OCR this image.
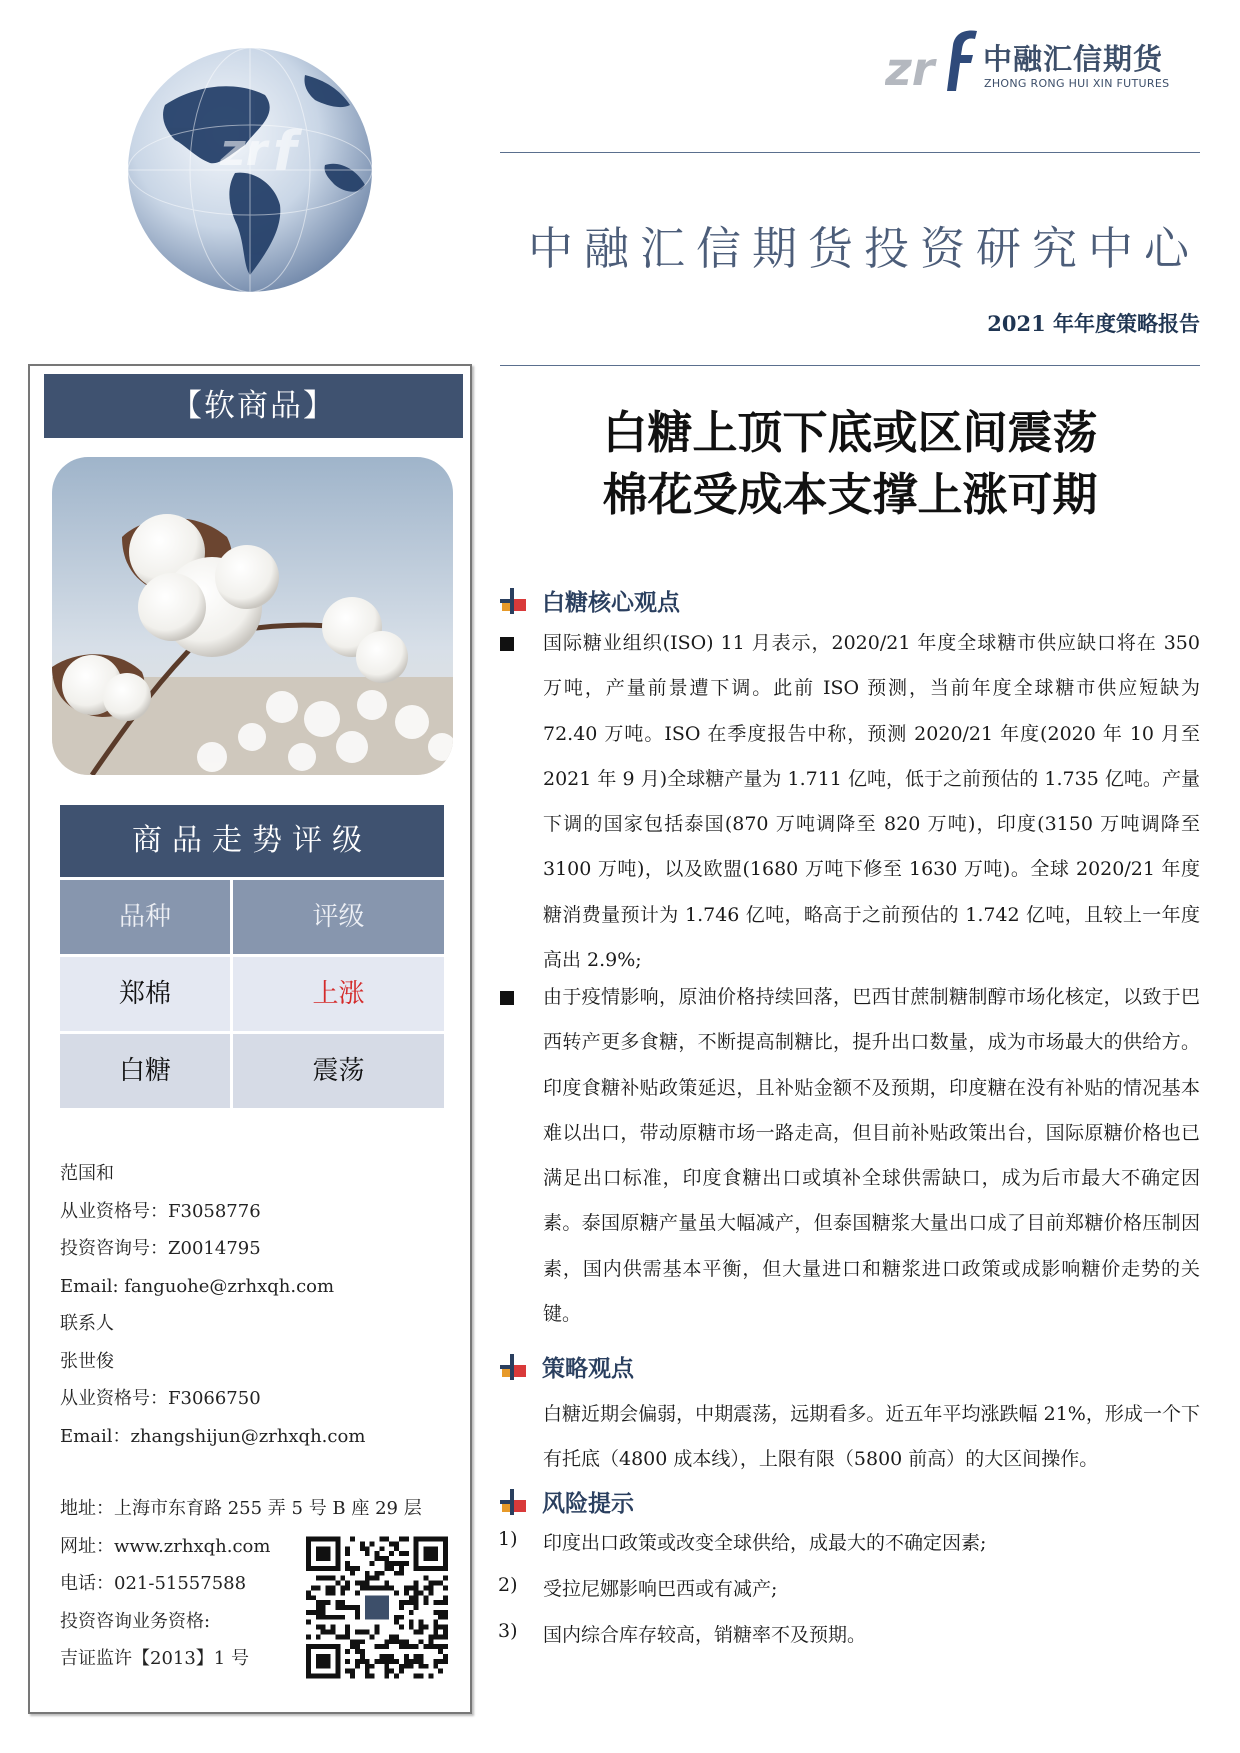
zr f
zr 中融汇信期货
ZHONG RONG HUI XIN FUTURES
中融汇信期货投资研究中心
2021 年年度策略报告
白糖上顶下底或区间震荡
棉花受成本支撑上涨可期
【软商品】
商品走势评级
品种	评级
郑棉	上涨
白糖	震荡
范国和
从业资格号：F3058776
投资咨询号：Z0014795
Email: fanguohe@zrhxqh.com
联系人
张世俊
从业资格号：F3066750
Email：zhangshijun@zrhxqh.com
地址：上海市东育路 255 弄 5 号 B 座 29 层
网址：www.zrhxqh.com
电话：021-51557588
投资咨询业务资格:
吉证监许【2013】1 号
白糖核心观点
国际糖业组织(ISO) 11 月表示，2020/21 年度全球糖市供应缺口将在 350 万吨，产量前景遭下调。此前 ISO 预测，当前年度全球糖市供应短缺为 72.40 万吨。ISO 在季度报告中称，预测 2020/21 年度(2020 年 10 月至 2021 年 9 月)全球糖产量为 1.711 亿吨，低于之前预估的 1.735 亿吨。产量下调的国家包括泰国(870 万吨调降至 820 万吨)，印度(3150 万吨调降至 3100 万吨)，以及欧盟(1680 万吨下修至 1630 万吨)。全球 2020/21 年度糖消费量预计为 1.746 亿吨，略高于之前预估的 1.742 亿吨，且较上一年度高出 2.9%;
由于疫情影响，原油价格持续回落，巴西甘蔗制糖制醇市场化核定，以致于巴西转产更多食糖，不断提高制糖比，提升出口数量，成为市场最大的供给方。印度食糖补贴政策延迟，且补贴金额不及预期，印度糖在没有补贴的情况基本难以出口，带动原糖市场一路走高，但目前补贴政策出台，国际原糖价格也已满足出口标准，印度食糖出口或填补全球供需缺口，成为后市最大不确定因素。泰国原糖产量虽大幅减产，但泰国糖浆大量出口成了目前郑糖价格压制因素，国内供需基本平衡，但大量进口和糖浆进口政策或成影响糖价走势的关键。
策略观点
白糖近期会偏弱，中期震荡，远期看多。近五年平均涨跌幅 21%，形成一个下有托底（4800 成本线），上限有限（5800 前高）的大区间操作。
风险提示
1) 印度出口政策或改变全球供给，成最大的不确定因素;
2) 受拉尼娜影响巴西或有减产;
3) 国内综合库存较高，销糖率不及预期。
